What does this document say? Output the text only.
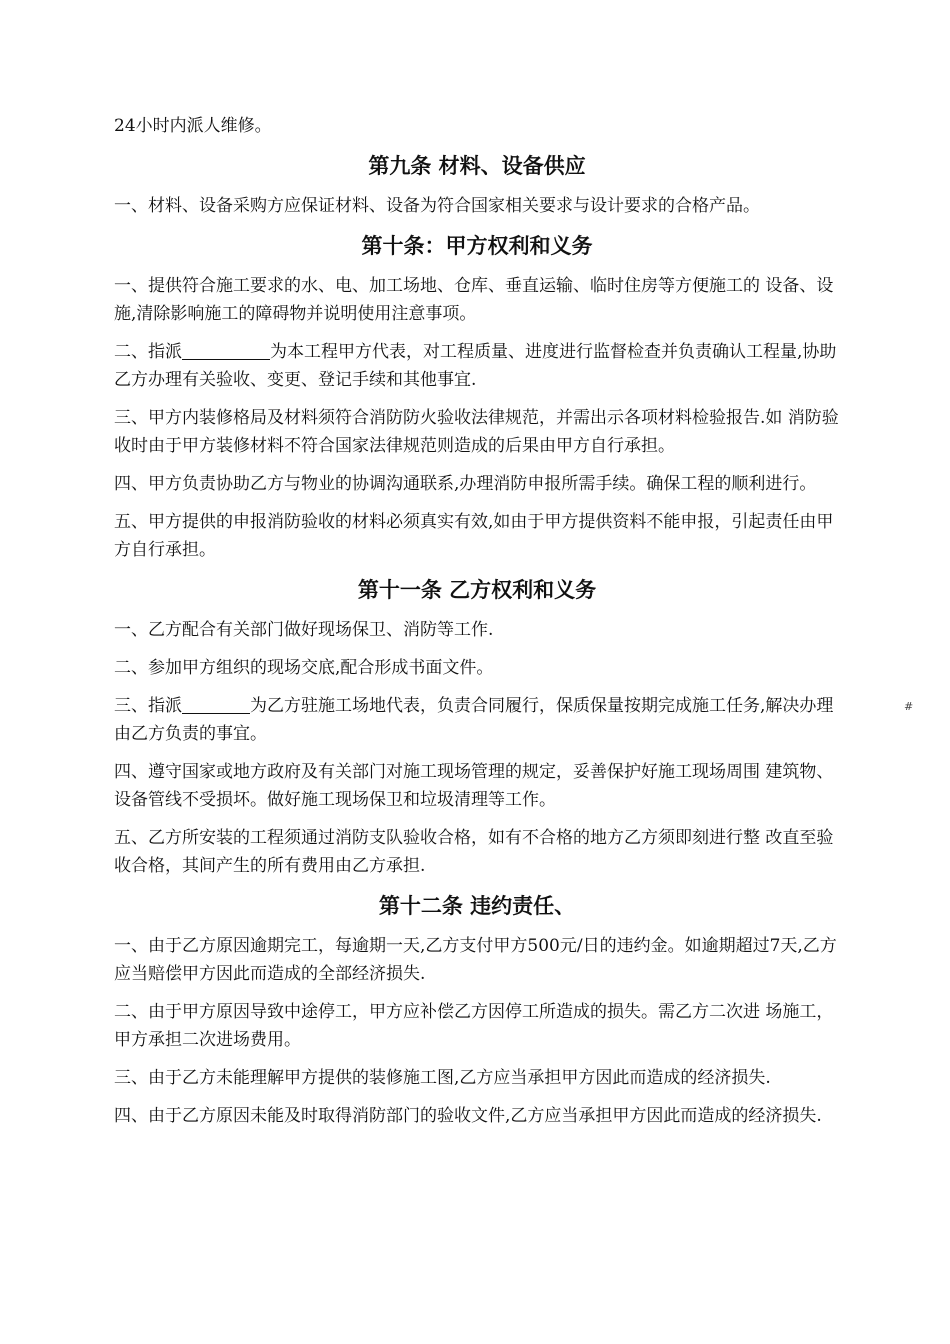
24小时内派人维修。

第九条 材料、设备供应

一、材料、设备采购方应保证材料、设备为符合国家相关要求与设计要求的合格产品。

第十条：甲方权利和义务

一、提供符合施工要求的水、电、加工场地、仓库、垂直运输、临时住房等方便施工的 设备、设施,清除影响施工的障碍物并说明使用注意事项。

二、指派	为本工程甲方代表，对工程质量、进度进行监督检查并负责确认工程量,协助乙方办理有关验收、变更、登记手续和其他事宜.

三、甲方内装修格局及材料须符合消防防火验收法律规范，并需出示各项材料检验报告.如 消防验收时由于甲方装修材料不符合国家法律规范则造成的后果由甲方自行承担。

四、甲方负责协助乙方与物业的协调沟通联系,办理消防申报所需手续。确保工程的顺利进行。

五、甲方提供的申报消防验收的材料必须真实有效,如由于甲方提供资料不能申报，引起责任由甲方自行承担。

第十一条 乙方权利和义务

一、乙方配合有关部门做好现场保卫、消防等工作.

二、参加甲方组织的现场交底,配合形成书面文件。

三、指派	为乙方驻施工场地代表，负责合同履行，保质保量按期完成施工任务,解决办理由乙方负责的事宜。

四、遵守国家或地方政府及有关部门对施工现场管理的规定，妥善保护好施工现场周围 建筑物、设备管线不受损坏。做好施工现场保卫和垃圾清理等工作。

五、乙方所安装的工程须通过消防支队验收合格，如有不合格的地方乙方须即刻进行整 改直至验收合格，其间产生的所有费用由乙方承担.

第十二条 违约责任、

一、由于乙方原因逾期完工，每逾期一天,乙方支付甲方500元/日的违约金。如逾期超过7天,乙方应当赔偿甲方因此而造成的全部经济损失.

二、由于甲方原因导致中途停工，甲方应补偿乙方因停工所造成的损失。需乙方二次进 场施工，甲方承担二次进场费用。

三、由于乙方未能理解甲方提供的装修施工图,乙方应当承担甲方因此而造成的经济损失.

四、由于乙方原因未能及时取得消防部门的验收文件,乙方应当承担甲方因此而造成的经济损失.

#
